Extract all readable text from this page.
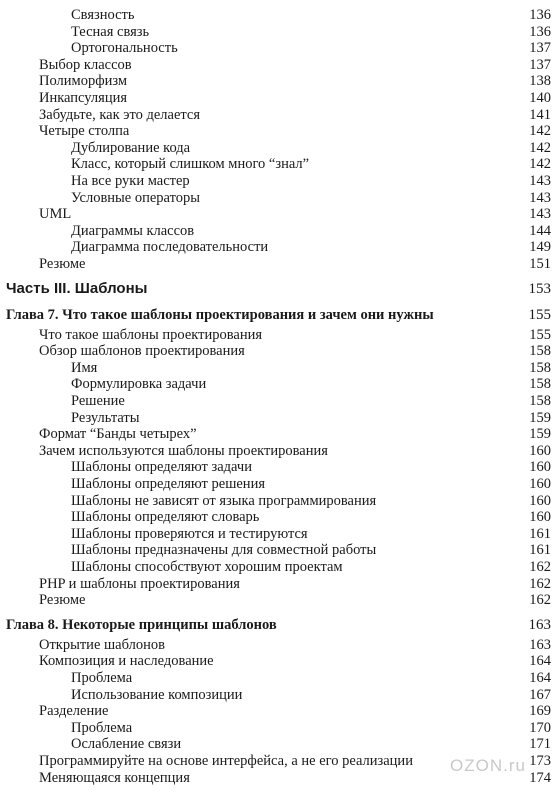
Связность	136
Тесная связь	136
Ортогональность	137
Выбор классов	137
Полиморфизм	138
Инкапсуляция	140
Забудьте, как это делается	141
Четыре столпа	142
Дублирование кода	142
Класс, который слишком много “знал”	142
На все руки мастер	143
Условные операторы	143
UML	143
Диаграммы классов	144
Диаграмма последовательности	149
Резюме	151
Часть III. Шаблоны	153
Глава 7. Что такое шаблоны проектирования и зачем они нужны	155
Что такое шаблоны проектирования	155
Обзор шаблонов проектирования	158
Имя	158
Формулировка задачи	158
Решение	158
Результаты	159
Формат “Банды четырех”	159
Зачем используются шаблоны проектирования	160
Шаблоны определяют задачи	160
Шаблоны определяют решения	160
Шаблоны не зависят от языка программирования	160
Шаблоны определяют словарь	160
Шаблоны проверяются и тестируются	161
Шаблоны предназначены для совместной работы	161
Шаблоны способствуют хорошим проектам	162
PHP и шаблоны проектирования	162
Резюме	162
Глава 8. Некоторые принципы шаблонов	163
Открытие шаблонов	163
Композиция и наследование	164
Проблема	164
Использование композиции	167
Разделение	169
Проблема	170
Ослабление связи	171
Программируйте на основе интерфейса, а не его реализации	173
Меняющаяся концепция	174
OZON.ru
